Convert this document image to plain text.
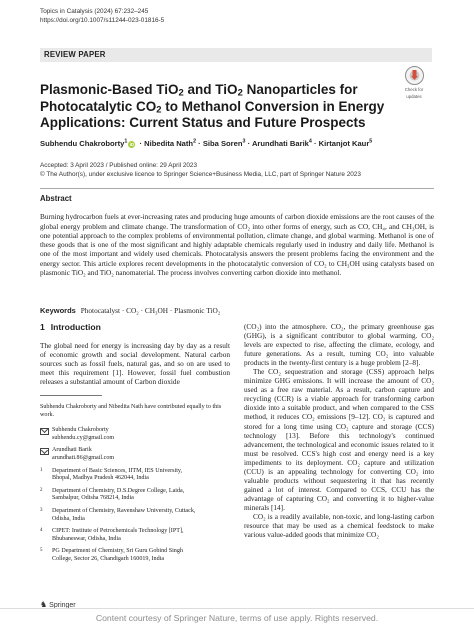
Topics in Catalysis (2024) 67:232–245
https://doi.org/10.1007/s11244-023-01816-5
REVIEW PAPER
Check for
updates
Plasmonic-Based TiO$_2$ and TiO$_2$ Nanoparticles for Photocatalytic $CO_2$ to Methanol Conversion in Energy Applications: Current Status and Future Prospects
Subhendu Chakroborty$^1$iD · Nibedita Nath$^2$ · Siba Soren$^3$ · Arundhati Barik$^4$ · Kirtanjot Kaur$^5$
Accepted: 3 April 2023 / Published online: 29 April 2023
© The Author(s), under exclusive licence to Springer Science+Business Media, LLC, part of Springer Nature 2023
Abstract

Burning hydrocarbon fuels at ever-increasing rates and producing huge amounts of carbon dioxide emissions are the root causes of the global energy problem and climate change. The transformation of CO₂ into other forms of energy, such as CO, CH₄, and CH₃OH, is one potential approach to the complex problems of environmental pollution, climate change, and global warming. Methanol is one of these goods that is one of the most significant and highly adaptable chemicals regularly used in industry and daily life. Methanol is one of the most important and widely used chemicals. Photocatalysis answers the present problems facing the environment and the energy sector. This article explores recent developments in the photocatalytic conversion of CO₂ to CH₃OH using catalysts based on plasmonic TiO₂ and TiO₂ nanomaterial. The process involves converting carbon dioxide into methanol.

Keywords Photocatalyst · CO₂ · CH₃OH · Plasmonic TiO₂
1 Introduction

The global need for energy is increasing day by day as a result of economic growth and social development. Natural carbon sources such as fossil fuels, natural gas, and so on are used to meet this requirement [1]. However, fossil fuel combustion releases a substantial amount of Carbon dioxide

Subhendu Chakroborty and Nibedita Nath have contributed equally to this work.

Subhendu Chakroborty
subhendu.cy@gmail.com
Arundhati Barik
arundhati.86@gmail.com
1 Department of Basic Sciences, IITM, IES University,
Bhopal, Madhya Pradesh 462044, India
2 Department of Chemistry, D.S.Degree College, Laida,
Sambalpur, Odisha 768214, India
3 Department of Chemistry, Ravenshaw University, Cuttack,
Odisha, India
4 CIPET: Institute of Petrochemicals Technology [IPT],
Bhubaneswar, Odisha, India
5 PG Department of Chemistry, Sri Guru Gobind Singh
College, Sector 26, Chandigarh 160019, India

(CO₂) into the atmosphere. CO₂, the primary greenhouse gas (GHG), is a significant contributor to global warming. CO₂ levels are expected to rise, affecting the climate, ecology, and future generations. As a result, turning CO₂ into valuable products in the twenty-first century is a huge problem [2–8].

The CO₂ sequestration and storage (CSS) approach helps minimize GHG emissions. It will increase the amount of CO₂ used as a free raw material. As a result, carbon capture and recycling (CCR) is a viable approach for transforming carbon dioxide into a suitable product, and when compared to the CSS method, it reduces CO₂ emissions [9–12]. CO₂ is captured and stored for a long time using CO₂ capture and storage (CCS) technology [13]. Before this technology's continued advancement, the technological and economic issues related to it must be resolved. CCS's high cost and energy need is a key impediments to its deployment. CO₂ capture and utilization (CCU) is an appealing technology for converting CO₂ into valuable products without sequestering it that has recently gained a lot of interest. Compared to CCS, CCU has the advantage of capturing CO₂ and converting it to higher-value minerals [14].

CO₂ is a readily available, non-toxic, and long-lasting carbon resource that may be used as a chemical feedstock to make various value-added goods that minimize CO₂

♞ Springer
Content courtesy of Springer Nature, terms of use apply. Rights reserved.
